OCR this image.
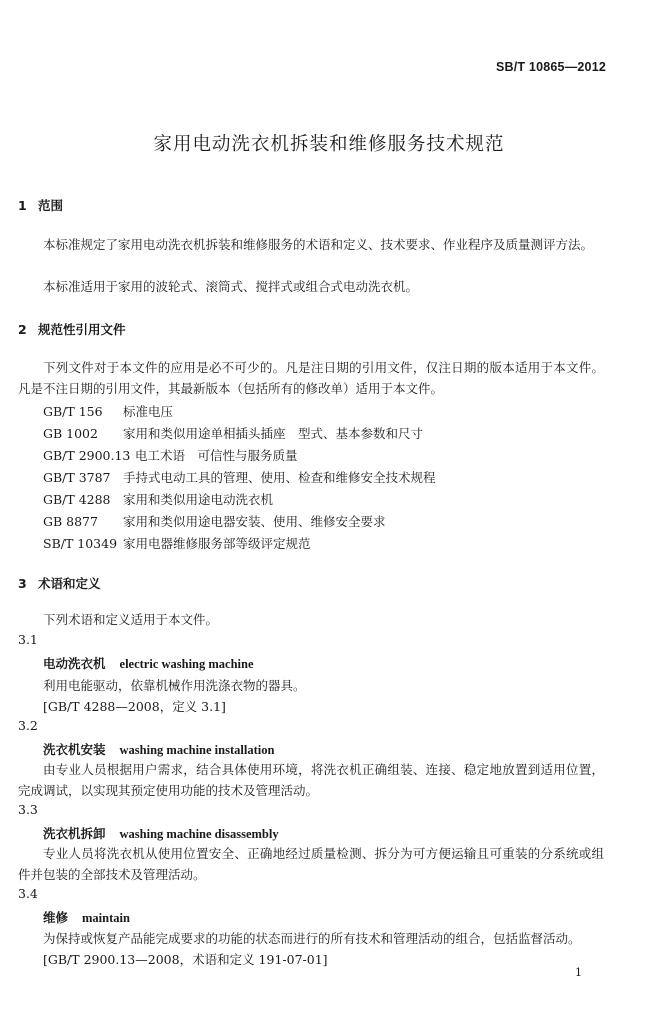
SB/T 10865—2012
家用电动洗衣机拆装和维修服务技术规范
1 范围
本标准规定了家用电动洗衣机拆装和维修服务的术语和定义、技术要求、作业程序及质量测评方法。
本标准适用于家用的波轮式、滚筒式、搅拌式或组合式电动洗衣机。
2 规范性引用文件
下列文件对于本文件的应用是必不可少的。凡是注日期的引用文件，仅注日期的版本适用于本文件。凡是不注日期的引用文件，其最新版本（包括所有的修改单）适用于本文件。
GB/T 156 标准电压
GB 1002 家用和类似用途单相插头插座　型式、基本参数和尺寸
GB/T 2900.13 电工术语　可信性与服务质量
GB/T 3787 手持式电动工具的管理、使用、检查和维修安全技术规程
GB/T 4288 家用和类似用途电动洗衣机
GB 8877 家用和类似用途电器安装、使用、维修安全要求
SB/T 10349 家用电器维修服务部等级评定规范
3 术语和定义
下列术语和定义适用于本文件。
3.1
电动洗衣机 electric washing machine
利用电能驱动，依靠机械作用洗涤衣物的器具。
[GB/T 4288—2008，定义 3.1]
3.2
洗衣机安装 washing machine installation
由专业人员根据用户需求，结合具体使用环境，将洗衣机正确组装、连接、稳定地放置到适用位置，完成调试，以实现其预定使用功能的技术及管理活动。
3.3
洗衣机拆卸 washing machine disassembly
专业人员将洗衣机从使用位置安全、正确地经过质量检测、拆分为可方便运输且可重装的分系统或组件并包装的全部技术及管理活动。
3.4
维修 maintain
为保持或恢复产品能完成要求的功能的状态而进行的所有技术和管理活动的组合，包括监督活动。
[GB/T 2900.13—2008，术语和定义 191-07-01]
1
